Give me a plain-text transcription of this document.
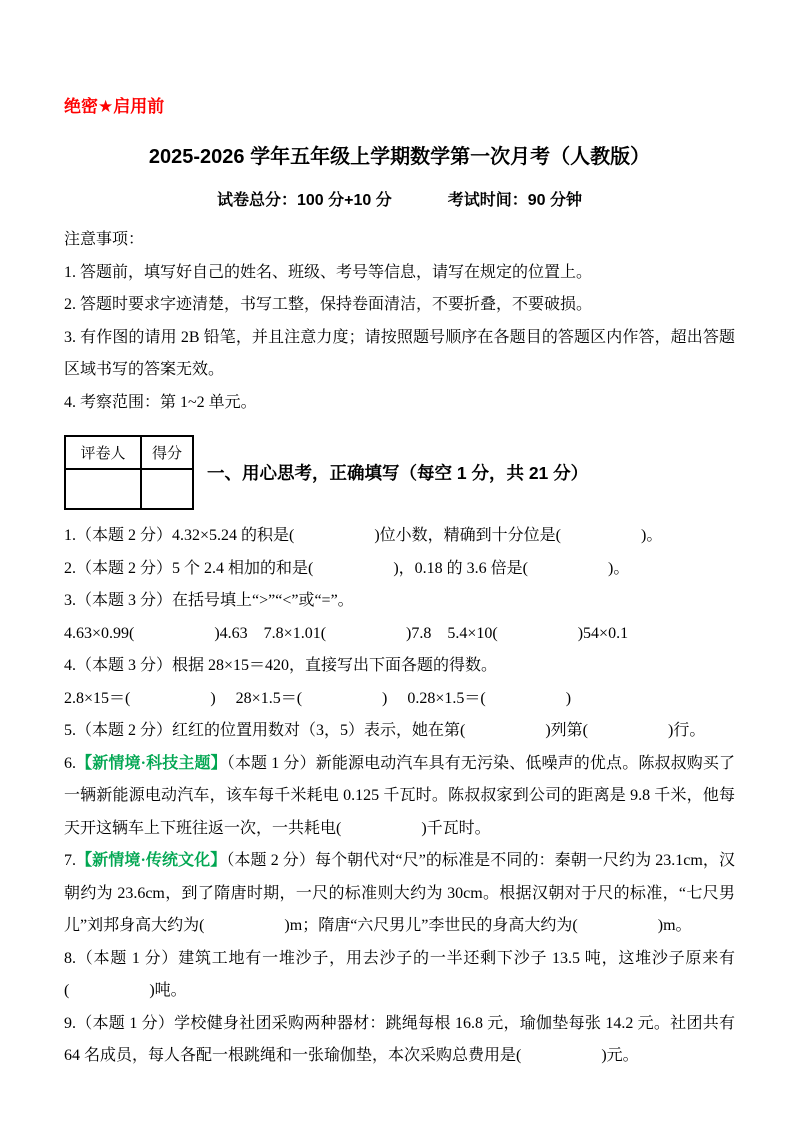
绝密★启用前

2025-2026 学年五年级上学期数学第一次月考（人教版）
试卷总分：100 分+10 分	考试时间：90 分钟

注意事项：

1. 答题前，填写好自己的姓名、班级、考号等信息，请写在规定的位置上。

2. 答题时要求字迹清楚，书写工整，保持卷面清洁，不要折叠，不要破损。

3. 有作图的请用 2B 铅笔，并且注意力度；请按照题号顺序在各题目的答题区内作答，超出答题区域书写的答案无效。

4. 考察范围：第 1~2 单元。

评卷人	得分

一、用心思考，正确填写（每空 1 分，共 21 分）

1.（本题 2 分）4.32×5.24 的积是(　　　　　)位小数，精确到十分位是(　　　　　)。

2.（本题 2 分）5 个 2.4 相加的和是(　　　　　)，0.18 的 3.6 倍是(　　　　　)。

3.（本题 3 分）在括号填上“>”“<”或“=”。

4.63×0.99(　　　　　)4.63　7.8×1.01(　　　　　)7.8　5.4×10(　　　　　)54×0.1

4.（本题 3 分）根据 28×15＝420，直接写出下面各题的得数。

2.8×15＝(　　　　　)　 28×1.5＝(　　　　　)　 0.28×1.5＝(　　　　　)

5.（本题 2 分）红红的位置用数对（3，5）表示，她在第(　　　　　)列第(　　　　　)行。

6.【新情境·科技主题】（本题 1 分）新能源电动汽车具有无污染、低噪声的优点。陈叔叔购买了一辆新能源电动汽车，该车每千米耗电 0.125 千瓦时。陈叔叔家到公司的距离是 9.8 千米，他每天开这辆车上下班往返一次，一共耗电(　　　　　)千瓦时。

7.【新情境·传统文化】（本题 2 分）每个朝代对“尺”的标准是不同的：秦朝一尺约为 23.1cm，汉朝约为 23.6cm，到了隋唐时期，一尺的标准则大约为 30cm。根据汉朝对于尺的标准，“七尺男儿”刘邦身高大约为(　　　　　)m；隋唐“六尺男儿”李世民的身高大约为(　　　　　)m。

8.（本题 1 分）建筑工地有一堆沙子，用去沙子的一半还剩下沙子 13.5 吨，这堆沙子原来有(　　　　　)吨。

9.（本题 1 分）学校健身社团采购两种器材：跳绳每根 16.8 元，瑜伽垫每张 14.2 元。社团共有 64 名成员，每人各配一根跳绳和一张瑜伽垫，本次采购总费用是(　　　　　)元。
